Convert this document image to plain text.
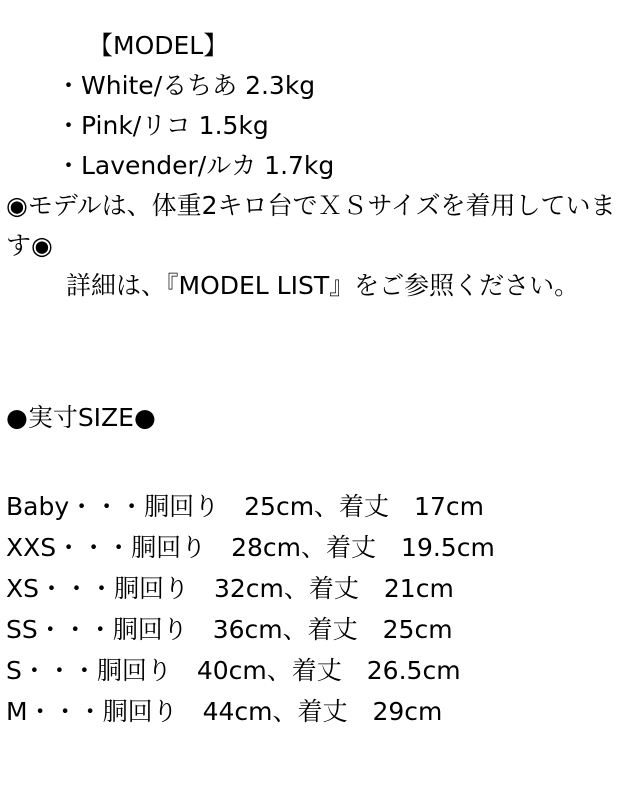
【MODEL】
・White/るちあ 2.3kg
・Pink/リコ 1.5kg
・Lavender/ルカ 1.7kg

◉モデルは、体重2キロ台でＸＳサイズを着用しています◉

詳細は、『MODEL LIST』をご参照ください。

●実寸SIZE●

Baby・・・胴回り　25cm、着丈　17cm
XXS・・・胴回り　28cm、着丈　19.5cm
XS・・・胴回り　32cm、着丈　21cm
SS・・・胴回り　36cm、着丈　25cm
S・・・胴回り　40cm、着丈　26.5cm
M・・・胴回り　44cm、着丈　29cm
